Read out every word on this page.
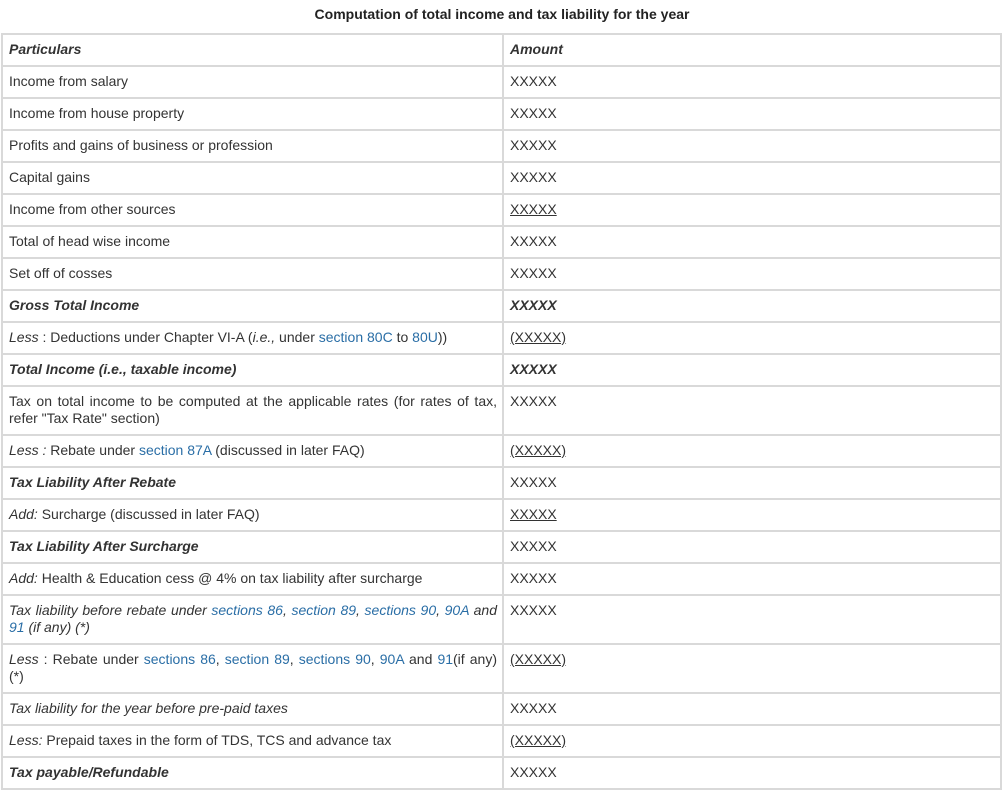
Computation of total income and tax liability for the year
Particulars	Amount
Income from salary	XXXXX
Income from house property	XXXXX
Profits and gains of business or profession	XXXXX
Capital gains	XXXXX
Income from other sources	XXXXX
Total of head wise income	XXXXX
Set off of cosses	XXXXX
Gross Total Income	XXXXX
Less : Deductions under Chapter VI-A (i.e., under section 80C to 80U))	(XXXXX)
Total Income (i.e., taxable income)	XXXXX
Tax on total income to be computed at the applicable rates (for rates of tax, refer "Tax Rate" section)	XXXXX
Less : Rebate under section 87A (discussed in later FAQ)	(XXXXX)
Tax Liability After Rebate	XXXXX
Add: Surcharge (discussed in later FAQ)	XXXXX
Tax Liability After Surcharge	XXXXX
Add: Health & Education cess @ 4% on tax liability after surcharge	XXXXX
Tax liability before rebate under sections 86, section 89, sections 90, 90A and 91 (if any) (*)	XXXXX
Less : Rebate under sections 86, section 89, sections 90, 90A and 91(if any) (*)	(XXXXX)
Tax liability for the year before pre-paid taxes	XXXXX
Less: Prepaid taxes in the form of TDS, TCS and advance tax	(XXXXX)
Tax payable/Refundable	XXXXX
